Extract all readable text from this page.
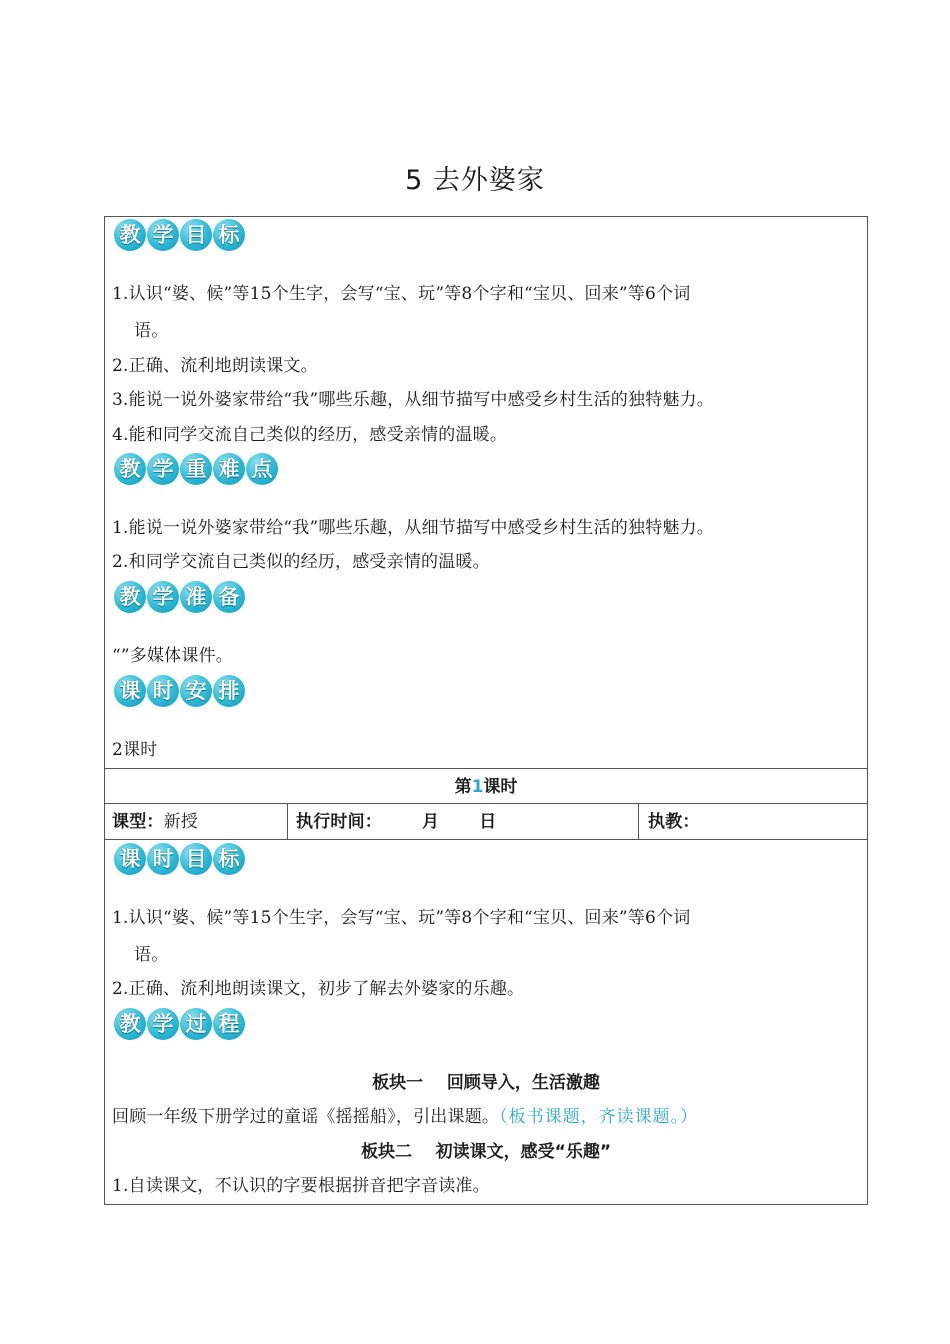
5 去外婆家
教 学 目 标
1.认识“婆、候”等15个生字，会写“宝、玩”等8个字和“宝贝、回来”等6个词
语。
2.正确、流利地朗读课文。
3.能说一说外婆家带给“我”哪些乐趣，从细节描写中感受乡村生活的独特魅力。
4.能和同学交流自己类似的经历，感受亲情的温暖。
教 学 重 难 点
1.能说一说外婆家带给“我”哪些乐趣，从细节描写中感受乡村生活的独特魅力。
2.和同学交流自己类似的经历，感受亲情的温暖。
教 学 准 备
“”多媒体课件。
课 时 安 排
2课时
第1课时
课型：新授	执行时间： 月 日	执教：
课 时 目 标
1.认识“婆、候”等15个生字，会写“宝、玩”等8个字和“宝贝、回来”等6个词
语。
2.正确、流利地朗读课文，初步了解去外婆家的乐趣。
教 学 过 程
板块一    回顾导入，生活激趣
回顾一年级下册学过的童谣《摇摇船》，引出课题。（板书课题，齐读课题。）
板块二    初读课文，感受“乐趣”
1.自读课文，不认识的字要根据拼音把字音读准。
